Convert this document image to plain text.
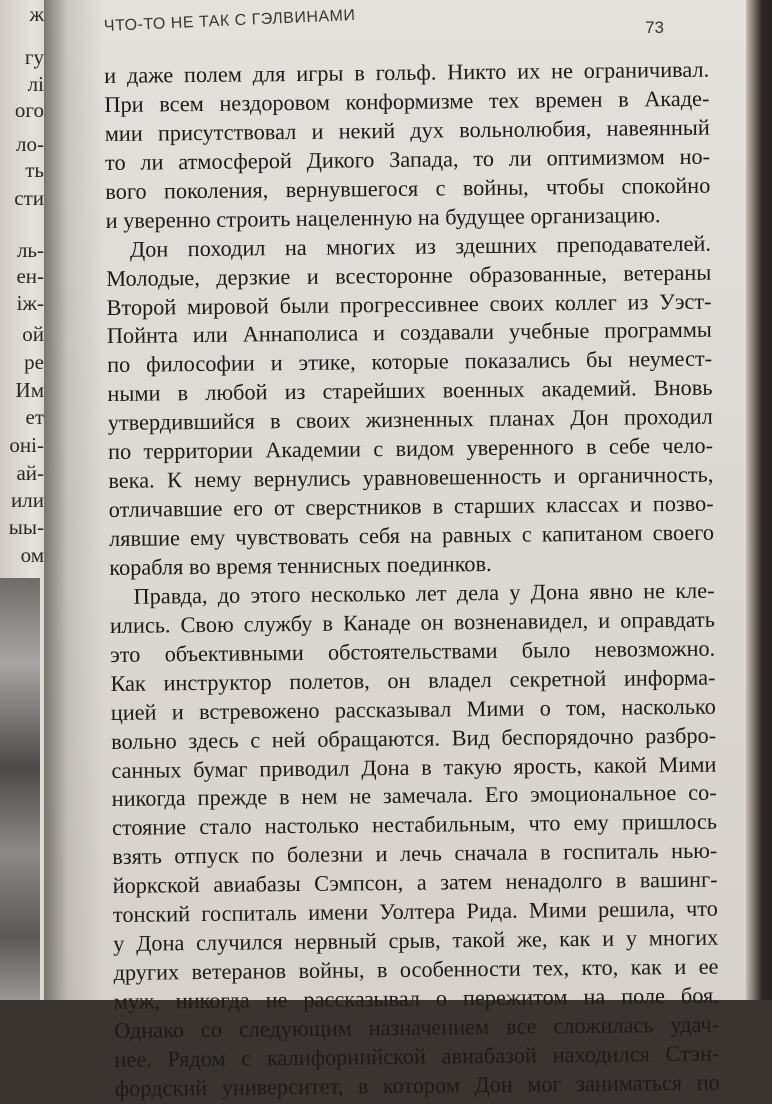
ж
гу
лі
ого
ло-
ть
сти
ль-
ен-
іж-
ой
ре
Им
ет
оні-
ай-
или
ыы-
ом
ЧТО-ТО НЕ ТАК С ГЭЛВИНАМИ	73
и даже полем для игры в гольф. Никто их не ограничивал.
При всем нездоровом конформизме тех времен в Акаде-
мии присутствовал и некий дух вольнолюбия, навеянный
то ли атмосферой Дикого Запада, то ли оптимизмом но-
вого поколения, вернувшегося с войны, чтобы спокойно
и уверенно строить нацеленную на будущее организацию.
Дон походил на многих из здешних преподавателей.
Молодые, дерзкие и всесторонне образованные, ветераны
Второй мировой были прогрессивнее своих коллег из Уэст-
Пойнта или Аннаполиса и создавали учебные программы
по философии и этике, которые показались бы неумест-
ными в любой из старейших военных академий. Вновь
утвердившийся в своих жизненных планах Дон проходил
по территории Академии с видом уверенного в себе чело-
века. К нему вернулись уравновешенность и органичность,
отличавшие его от сверстников в старших классах и позво-
лявшие ему чувствовать себя на равных с капитаном своего
корабля во время теннисных поединков.
Правда, до этого несколько лет дела у Дона явно не кле-
ились. Свою службу в Канаде он возненавидел, и оправдать
это объективными обстоятельствами было невозможно.
Как инструктор полетов, он владел секретной информа-
цией и встревожено рассказывал Мими о том, насколько
вольно здесь с ней обращаются. Вид беспорядочно разбро-
санных бумаг приводил Дона в такую ярость, какой Мими
никогда прежде в нем не замечала. Его эмоциональное со-
стояние стало настолько нестабильным, что ему пришлось
взять отпуск по болезни и лечь сначала в госпиталь нью-
йоркской авиабазы Сэмпсон, а затем ненадолго в вашинг-
тонский госпиталь имени Уолтера Рида. Мими решила, что
у Дона случился нервный срыв, такой же, как и у многих
других ветеранов войны, в особенности тех, кто, как и ее
муж, никогда не рассказывал о пережитом на поле боя.
Однако со следующим назначением все сложилась удач-
нее. Рядом с калифорнийской авиабазой находился Стэн-
фордский университет, в котором Дон мог заниматься по
